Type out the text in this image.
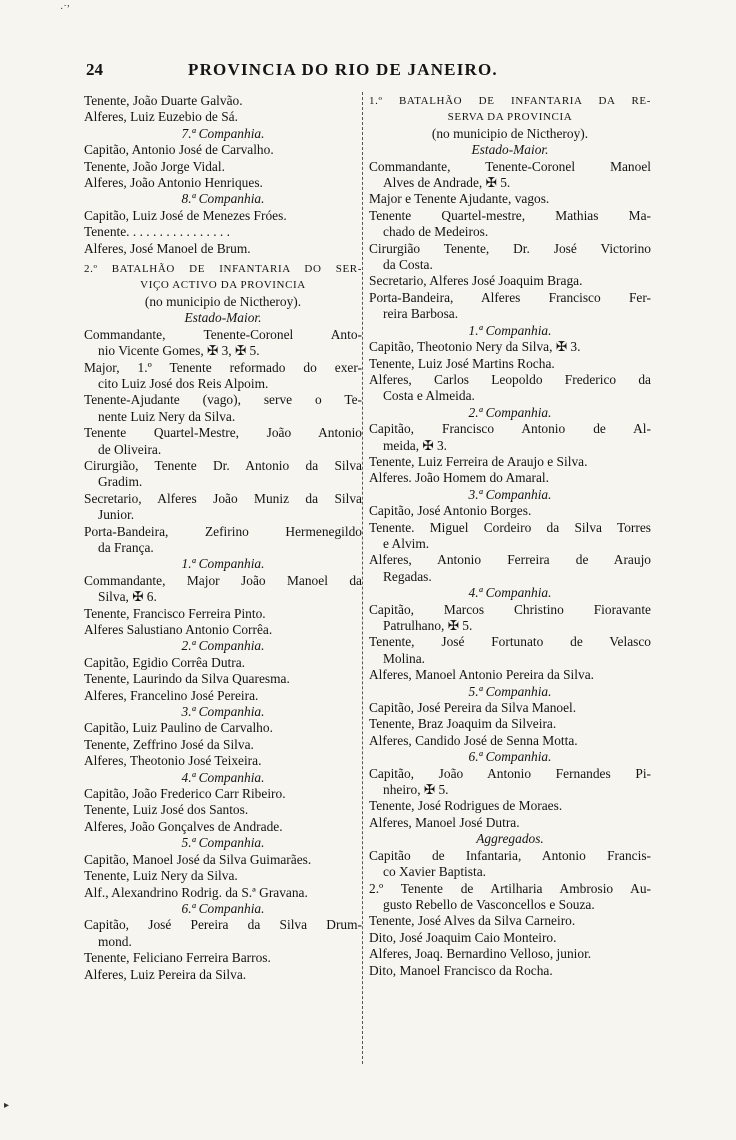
·˙ʼ
▸
24	PROVINCIA DO RIO DE JANEIRO.
Tenente, João Duarte Galvão.
Alferes, Luiz Euzebio de Sá.
7.ª Companhia.
Capitão, Antonio José de Carvalho.
Tenente, João Jorge Vidal.
Alferes, João Antonio Henriques.
8.ª Companhia.
Capitão, Luiz José de Menezes Fróes.
Tenente. . . . . . . . . . . . . . . .
Alferes, José Manoel de Brum.
2.º BATALHÃO DE INFANTARIA DO SER-
VIÇO ACTIVO DA PROVINCIA
(no municipio de Nictheroy).
Estado-Maior.
Commandante, Tenente-Coronel Anto-
nio Vicente Gomes, ✠ 3, ✠ 5.
Major, 1.º Tenente reformado do exer-
cito Luiz José dos Reis Alpoim.
Tenente-Ajudante (vago), serve o Te-
nente Luiz Nery da Silva.
Tenente Quartel-Mestre, João Antonio
de Oliveira.
Cirurgião, Tenente Dr. Antonio da Silva
Gradim.
Secretario, Alferes João Muniz da Silva
Junior.
Porta-Bandeira, Zefirino Hermenegildo
da França.
1.ª Companhia.
Commandante, Major João Manoel da
Silva, ✠ 6.
Tenente, Francisco Ferreira Pinto.
Alferes Salustiano Antonio Corrêa.
2.ª Companhia.
Capitão, Egidio Corrêa Dutra.
Tenente, Laurindo da Silva Quaresma.
Alferes, Francelino José Pereira.
3.ª Companhia.
Capitão, Luiz Paulino de Carvalho.
Tenente, Zeffrino José da Silva.
Alferes, Theotonio José Teixeira.
4.ª Companhia.
Capitão, João Frederico Carr Ribeiro.
Tenente, Luiz José dos Santos.
Alferes, João Gonçalves de Andrade.
5.ª Companhia.
Capitão, Manoel José da Silva Guimarães.
Tenente, Luiz Nery da Silva.
Alf., Alexandrino Rodrig. da S.ª Gravana.
6.ª Companhia.
Capitão, José Pereira da Silva Drum-
mond.
Tenente, Feliciano Ferreira Barros.
Alferes, Luiz Pereira da Silva.
1.º BATALHÃO DE INFANTARIA DA RE-
SERVA DA PROVINCIA
(no municipio de Nictheroy).
Estado-Maior.
Commandante, Tenente-Coronel Manoel
Alves de Andrade, ✠ 5.
Major e Tenente Ajudante, vagos.
Tenente Quartel-mestre, Mathias Ma-
chado de Medeiros.
Cirurgião Tenente, Dr. José Victorino
da Costa.
Secretario, Alferes José Joaquim Braga.
Porta-Bandeira, Alferes Francisco Fer-
reira Barbosa.
1.ª Companhia.
Capitão, Theotonio Nery da Silva, ✠ 3.
Tenente, Luiz José Martins Rocha.
Alferes, Carlos Leopoldo Frederico da
Costa e Almeida.
2.ª Companhia.
Capitão, Francisco Antonio de Al-
meida, ✠ 3.
Tenente, Luiz Ferreira de Araujo e Silva.
Alferes. João Homem do Amaral.
3.ª Companhia.
Capitão, José Antonio Borges.
Tenente. Miguel Cordeiro da Silva Torres
e Alvim.
Alferes, Antonio Ferreira de Araujo
Regadas.
4.ª Companhia.
Capitão, Marcos Christino Fioravante
Patrulhano, ✠ 5.
Tenente, José Fortunato de Velasco
Molina.
Alferes, Manoel Antonio Pereira da Silva.
5.ª Companhia.
Capitão, José Pereira da Silva Manoel.
Tenente, Braz Joaquim da Silveira.
Alferes, Candido José de Senna Motta.
6.ª Companhia.
Capitão, João Antonio Fernandes Pi-
nheiro, ✠ 5.
Tenente, José Rodrigues de Moraes.
Alferes, Manoel José Dutra.
Aggregados.
Capitão de Infantaria, Antonio Francis-
co Xavier Baptista.
2.º Tenente de Artilharia Ambrosio Au-
gusto Rebello de Vasconcellos e Souza.
Tenente, José Alves da Silva Carneiro.
Dito, José Joaquim Caio Monteiro.
Alferes, Joaq. Bernardino Velloso, junior.
Dito, Manoel Francisco da Rocha.
